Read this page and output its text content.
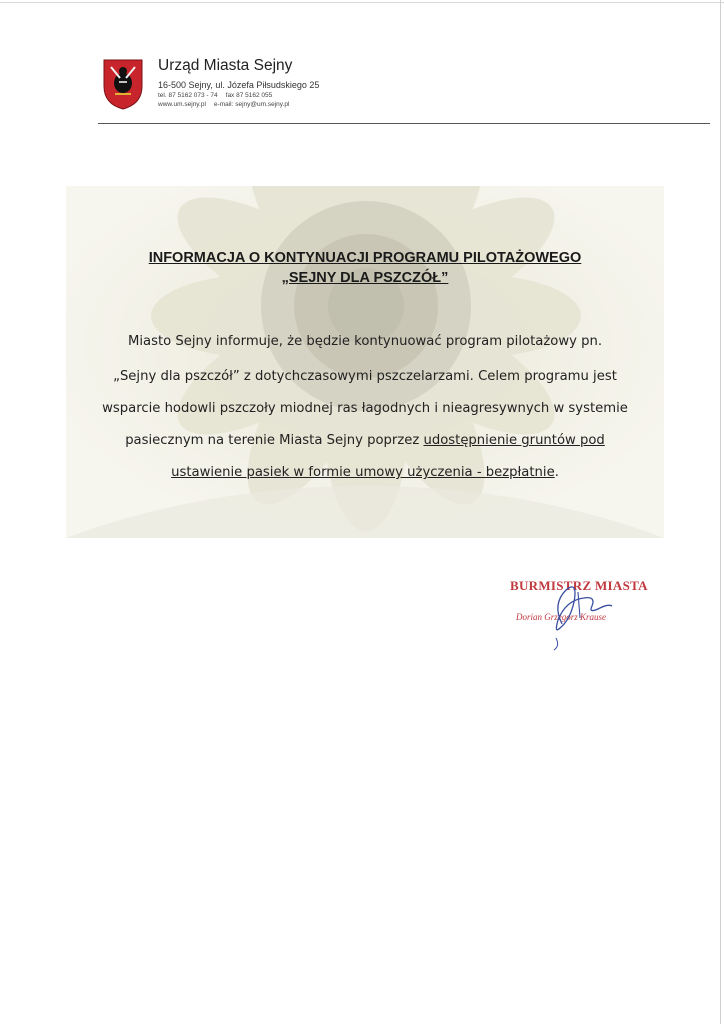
Urząd Miasta Sejny
16-500 Sejny, ul. Józefa Piłsudskiego 25
tel. 87 5162 073 - 74 fax 87 5162 055
www.um.sejny.pl e-mail: sejny@um.sejny.pl

INFORMACJA O KONTYNUACJI PROGRAMU PILOTAŻOWEGO

„SEJNY DLA PSZCZÓŁ”

Miasto Sejny informuje, że będzie kontynuować program pilotażowy pn.
„Sejny dla pszczół” z dotychczasowymi pszczelarzami. Celem programu jest
wsparcie hodowli pszczoły miodnej ras łagodnych i nieagresywnych w systemie
pasiecznym na terenie Miasta Sejny poprzez udostępnienie gruntów pod
ustawienie pasiek w formie umowy użyczenia - bezpłatnie.
BURMISTRZ MIASTA
Dorian Grzegorz Krause
